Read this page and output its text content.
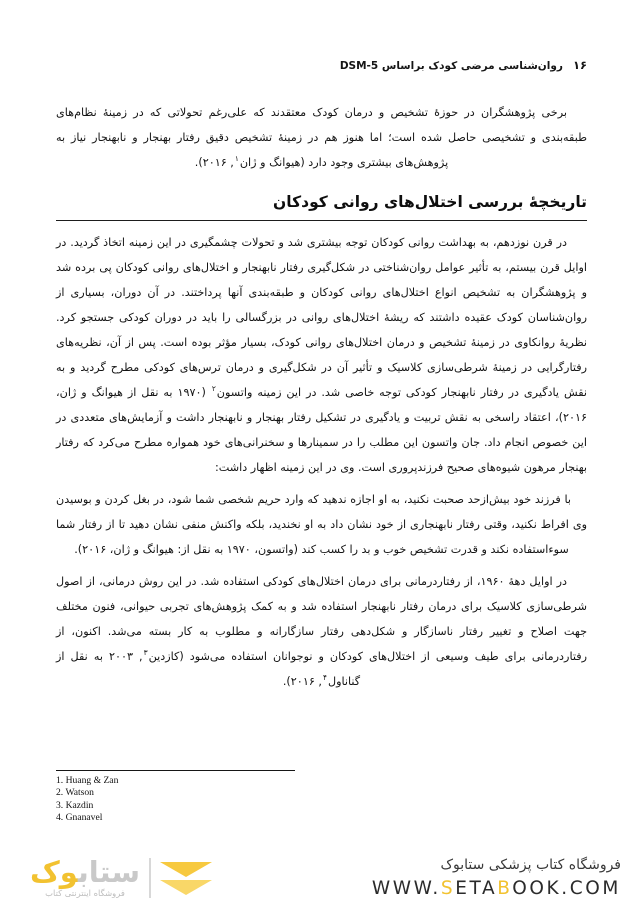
۱۶
روان‌شناسی مرضی کودک براساس DSM-5

برخی پژوهشگران در حوزهٔ تشخیص و درمان کودک معتقدند که علی‌رغم تحولاتی که در زمینهٔ نظام‌های طبقه‌بندی و تشخیصی حاصل شده است؛ اما هنوز هم در زمینهٔ تشخیص دقیق رفتار بهنجار و نابهنجار نیاز به پژوهش‌های بیشتری وجود دارد (هیوانگ و ژان$^۱$, ۲۰۱۶).

تاریخچهٔ بررسی اختلال‌های روانی کودکان

در قرن نوزدهم، به بهداشت روانی کودکان توجه بیشتری شد و تحولات چشمگیری در این زمینه اتخاذ گردید. در اوایل قرن بیستم، به تأثیر عوامل روان‌شناختی در شکل‌گیری رفتار نابهنجار و اختلال‌های روانی کودکان پی برده شد و پژوهشگران به تشخیص انواع اختلال‌های روانی کودکان و طبقه‌بندی آنها پرداختند. در آن دوران، بسیاری از روان‌شناسان کودک عقیده داشتند که ریشهٔ اختلال‌های روانی در بزرگسالی را باید در دوران کودکی جستجو کرد. نظریهٔ روانکاوی در زمینهٔ تشخیص و درمان اختلال‌های روانی کودک، بسیار مؤثر بوده است. پس از آن، نظریه‌های رفتارگرایی در زمینهٔ شرطی‌سازی کلاسیک و تأثیر آن در شکل‌گیری و درمان ترس‌های کودکی مطرح گردید و به نقش یادگیری در رفتار نابهنجار کودکی توجه خاصی شد. در این زمینه واتسون$^۲$ (۱۹۷۰ به نقل از هیوانگ و ژان، ۲۰۱۶)، اعتقاد راسخی به نقش تربیت و یادگیری در تشکیل رفتار بهنجار و نابهنجار داشت و آزمایش‌های متعددی در این خصوص انجام داد. جان واتسون این مطلب را در سمینارها و سخنرانی‌های خود همواره مطرح می‌کرد که رفتار بهنجار مرهون شیوه‌های صحیح فرزندپروری است. وی در این زمینه اظهار داشت:

با فرزند خود بیش‌ازحد صحبت نکنید، به او اجازه ندهید که وارد حریم شخصی شما شود، در بغل کردن و بوسیدن وی افراط نکنید، وقتی رفتار نابهنجاری از خود نشان داد به او نخندید، بلکه واکنش منفی نشان دهید تا از رفتار شما سوءاستفاده نکند و قدرت تشخیص خوب و بد را کسب کند (واتسون، ۱۹۷۰ به نقل از: هیوانگ و ژان، ۲۰۱۶).

در اوایل دههٔ ۱۹۶۰، از رفتاردرمانی برای درمان اختلال‌های کودکی استفاده شد. در این روش درمانی، از اصول شرطی‌سازی کلاسیک برای درمان رفتار نابهنجار استفاده شد و به کمک پژوهش‌های تجربی حیوانی، فنون مختلف جهت اصلاح و تغییر رفتار ناسازگار و شکل‌دهی رفتار سازگارانه و مطلوب به کار بسته می‌شد. اکنون، از رفتاردرمانی برای طیف وسیعی از اختلال‌های کودکان و نوجوانان استفاده می‌شود (کازدین$^۳$, ۲۰۰۳ به نقل از گناناول$^۴$, ۲۰۱۶).

1. Huang & Zan
2. Watson
3. Kazdin
4. Gnanavel
ستابوک
فروشگاه اینترنتی کتاب
فروشگاه کتاب پزشکی ستابوک
WWW.SETABOOK.COM
